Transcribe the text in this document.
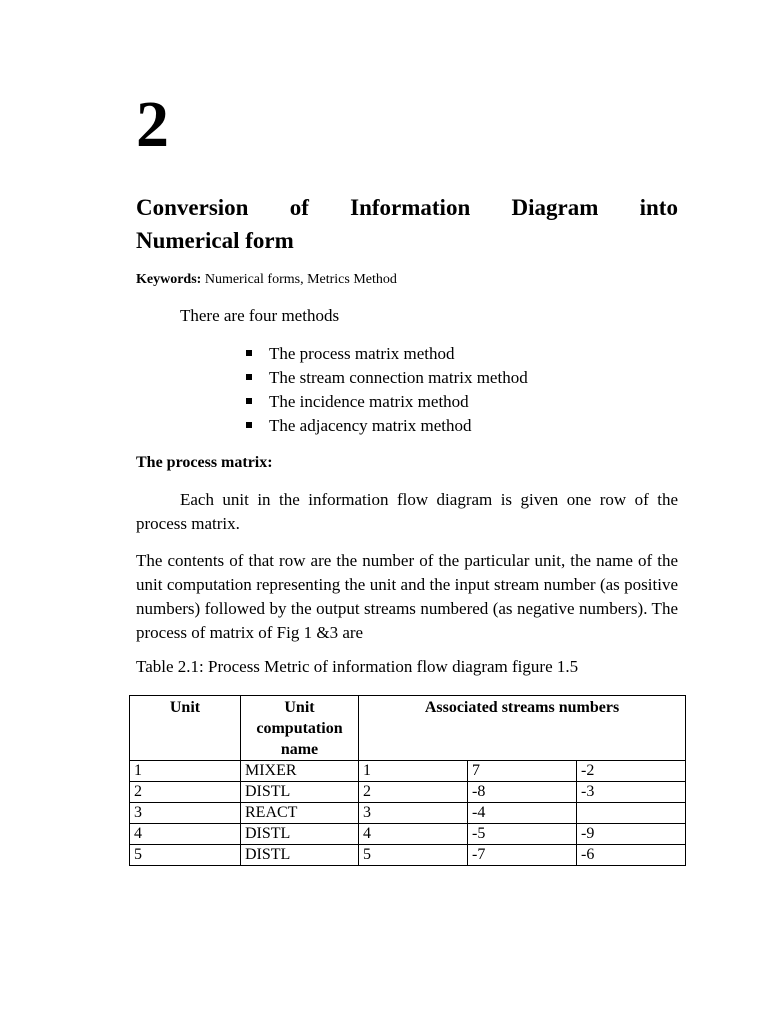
2
Conversion of Information Diagram into
Numerical form

Keywords: Numerical forms, Metrics Method

There are four methods

The process matrix method
The stream connection matrix method
The incidence matrix method
The adjacency matrix method

The process matrix:

Each unit in the information flow diagram is given one row of the process matrix.

The contents of that row are the number of the particular unit, the name of the unit computation representing the unit and the input stream number (as positive numbers) followed by the output streams numbered (as negative numbers). The process of matrix of Fig 1 &3 are

Table 2.1: Process Metric of information flow diagram figure 1.5

Unit	Unit
computation
name	Associated streams numbers		
1	MIXER	1	7	-2
2	DISTL	2	-8	-3
3	REACT	3	-4	
4	DISTL	4	-5	-9
5	DISTL	5	-7	-6
